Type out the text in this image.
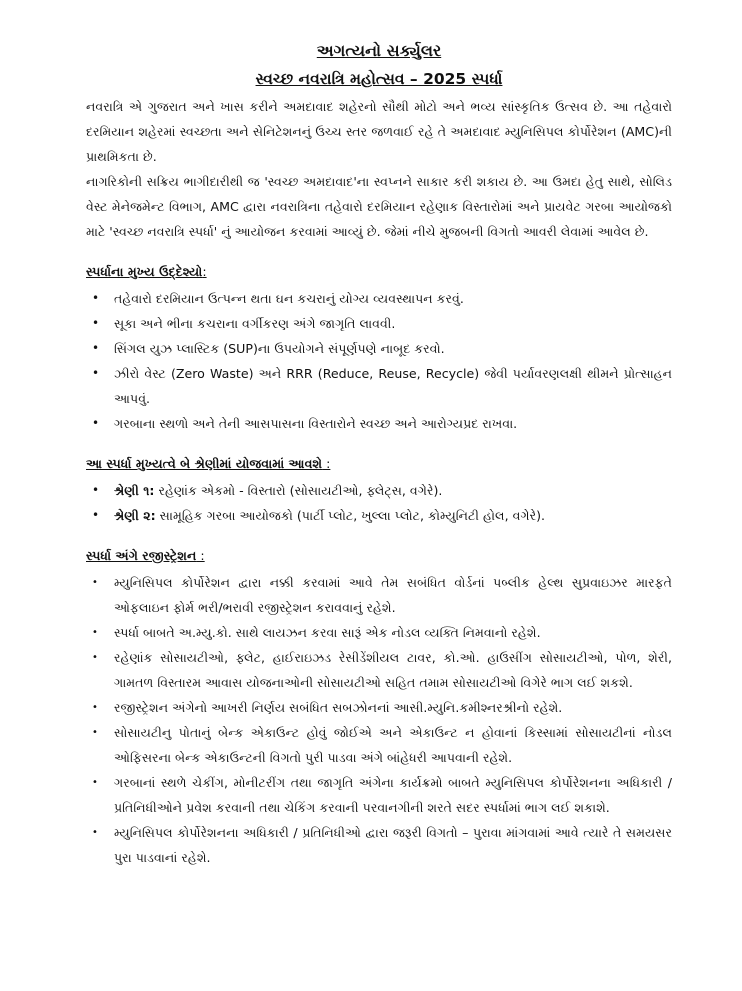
અગત્યનો સર્ક્યુલર
સ્વચ્છ નવરાત્રિ મહોત્સવ – 2025 સ્પર્ધા

નવરાત્રિ એ ગુજરાત અને ખાસ કરીને અમદાવાદ શહેરનો સૌથી મોટો અને ભવ્ય સાંસ્કૃતિક ઉત્સવ છે. આ તહેવારો દરમિયાન શહેરમાં સ્વચ્છતા અને સેનિટેશનનું ઉચ્ચ સ્તર જળવાઈ રહે તે અમદાવાદ મ્યુનિસિપલ કોર્પોરેશન (AMC)ની પ્રાથમિકતા છે.

નાગરિકોની સક્રિય ભાગીદારીથી જ 'સ્વચ્છ અમદાવાદ'ના સ્વપ્નને સાકાર કરી શકાય છે. આ ઉમદા હેતુ સાથે, સોલિડ વેસ્ટ મેનેજમેન્ટ વિભાગ, AMC દ્વારા નવરાત્રિના તહેવારો દરમિયાન રહેણાક વિસ્તારોમાં અને પ્રાયવેટ ગરબા આયોજકો માટે 'સ્વચ્છ નવરાત્રિ સ્પર્ધા' નું આયોજન કરવામાં આવ્યું છે. જેમાં નીચે મુજબની વિગતો આવરી લેવામાં આવેલ છે.

સ્પર્ધાના મુખ્ય ઉદ્દેશ્યો:
• તહેવારો દરમિયાન ઉત્પન્ન થતા ઘન કચરાનું યોગ્ય વ્યવસ્થાપન કરવું.
• સૂકા અને ભીના કચરાના વર્ગીકરણ અંગે જાગૃતિ લાવવી.
• સિંગલ યુઝ પ્લાસ્ટિક (SUP)ના ઉપયોગને સંપૂર્ણપણે નાબૂદ કરવો.
• ઝીરો વેસ્ટ (Zero Waste) અને RRR (Reduce, Reuse, Recycle) જેવી પર્યાવરણલક્ષી થીમને પ્રોત્સાહન આપવું.
• ગરબાના સ્થળો અને તેની આસપાસના વિસ્તારોને સ્વચ્છ અને આરોગ્યપ્રદ રાખવા.
આ સ્પર્ધા મુખ્યત્વે બે શ્રેણીમાં યોજવામાં આવશે :
• શ્રેણી ૧: રહેણાંક એકમો - વિસ્તારો (સોસાયટીઓ, ફ્લેટ્સ, વગેરે).
• શ્રેણી ૨: સામૂહિક ગરબા આયોજકો (પાર્ટી પ્લોટ, ખુલ્લા પ્લોટ, કોમ્યુનિટી હોલ, વગેરે).
સ્પર્ધા અંગે રજીસ્ટ્રેશન :
• મ્યુનિસિપલ કોર્પોરેશન દ્વારા નક્કી કરવામાં આવે તેમ સબંધિત વોર્ડનાં પબ્લીક હેલ્થ સુપ્રવાઇઝર મારફતે ઓફલાઇન ફોર્મ ભરી/ભરાવી રજીસ્ટ્રેશન કરાવવાનું રહેશે.
• સ્પર્ધા બાબતે અ.મ્યુ.કો. સાથે લાયઝન કરવા સારૂં એક નોડલ વ્યક્તિ નિમવાનો રહેશે.
• રહેણાંક સોસાયટીઓ, ફ્લેટ, હાઈરાઇઝડ રેસીડેંશીયલ ટાવર, કો.ઓ. હાઉસીંગ સોસાયટીઓ, પોળ, શેરી, ગામતળ વિસ્તારમ આવાસ યોજનાઓની સોસાયટીઓ સહિત તમામ સોસાયટીઓ વિગેરે ભાગ લઈ શકશે.
• રજીસ્ટ્રેશન અંગેનો આખરી નિર્ણય સબંધિત સબઝોનનાં આસી.મ્યુનિ.કમીશ્નરશ્રીનો રહેશે.
• સોસાયટીનુ પોતાનું બેન્ક એકાઉન્ટ હોવું જોઈએ અને એકાઉન્ટ ન હોવાનાં કિસ્સામાં સોસાયટીનાં નોડલ ઓફિસરના બેન્ક એકાઉન્ટની વિગતો પુરી પાડવા અંગે બાંહેધરી આપવાની રહેશે.
• ગરબાનાં સ્થળે ચેકીંગ, મોનીટરીંગ તથા જાગૃતિ અંગેના કાર્યક્રમો બાબતે મ્યુનિસિપલ કોર્પોરેશનના અધિકારી / પ્રતિનિધીઓને પ્રવેશ કરવાની તથા ચેકિંગ કરવાની પરવાનગીની શરતે સદર સ્પર્ધામાં ભાગ લઈ શકાશે.
• મ્યુનિસિપલ કોર્પોરેશનના અધિકારી / પ્રતિનિધીઓ દ્વારા જરૂરી વિગતો – પુરાવા માંગવામાં આવે ત્યારે તે સમયસર પુરા પાડવાનાં રહેશે.
